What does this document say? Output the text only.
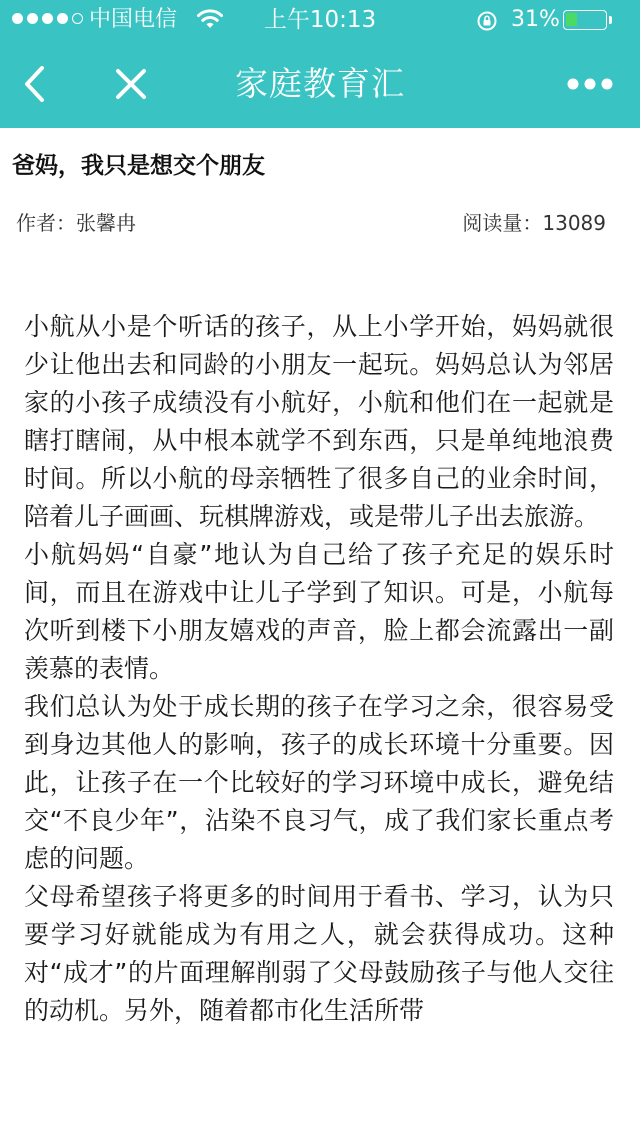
中国电信	上午10:13	31%
家庭教育汇
爸妈，我只是想交个朋友
作者：张馨冉	阅读量：13089

小航从小是个听话的孩子，从上小学开始，妈妈就很少让他出去和同龄的小朋友一起玩。妈妈总认为邻居家的小孩子成绩没有小航好，小航和他们在一起就是瞎打瞎闹，从中根本就学不到东西，只是单纯地浪费时间。所以小航的母亲牺牲了很多自己的业余时间，陪着儿子画画、玩棋牌游戏，或是带儿子出去旅游。

小航妈妈“自豪”地认为自己给了孩子充足的娱乐时间，而且在游戏中让儿子学到了知识。可是，小航每次听到楼下小朋友嬉戏的声音，脸上都会流露出一副羡慕的表情。

我们总认为处于成长期的孩子在学习之余，很容易受到身边其他人的影响，孩子的成长环境十分重要。因此，让孩子在一个比较好的学习环境中成长，避免结交“不良少年”，沾染不良习气，成了我们家长重点考虑的问题。

父母希望孩子将更多的时间用于看书、学习，认为只要学习好就能成为有用之人，就会获得成功。这种对“成才”的片面理解削弱了父母鼓励孩子与他人交往的动机。另外，随着都市化生活所带
